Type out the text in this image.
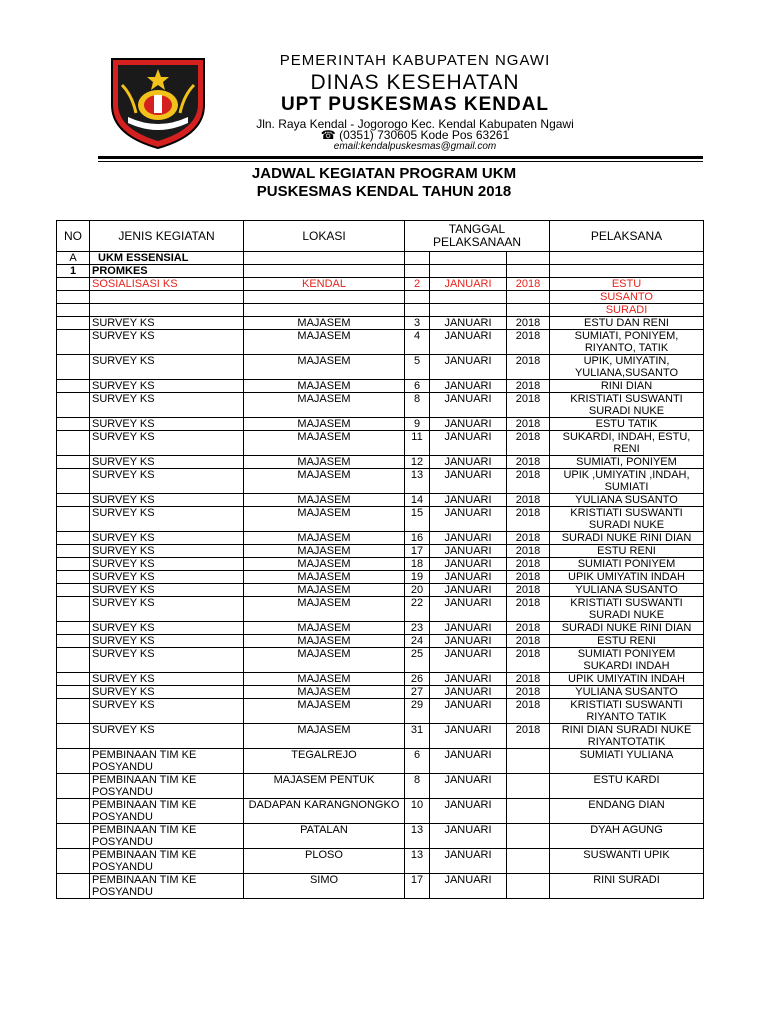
PEMERINTAH KABUPATEN NGAWI
DINAS KESEHATAN
UPT PUSKESMAS KENDAL
Jln. Raya Kendal - Jogorogo Kec. Kendal Kabupaten Ngawi
☎ (0351) 730605 Kode Pos 63261
email:kendalpuskesmas@gmail.com
JADWAL KEGIATAN PROGRAM UKM
PUSKESMAS KENDAL TAHUN 2018
NO	JENIS KEGIATAN	LOKASI	TANGGAL PELAKSANAAN			PELAKSANA
A	UKM ESSENSIAL					
1	PROMKES					
	SOSIALISASI KS	KENDAL	2	JANUARI	2018	ESTU
						SUSANTO
						SURADI
	SURVEY KS	MAJASEM	3	JANUARI	2018	ESTU DAN RENI
	SURVEY KS	MAJASEM	4	JANUARI	2018	SUMIATI, PONIYEM, RIYANTO, TATIK
	SURVEY KS	MAJASEM	5	JANUARI	2018	UPIK, UMIYATIN, YULIANA,SUSANTO
	SURVEY KS	MAJASEM	6	JANUARI	2018	RINI DIAN
	SURVEY KS	MAJASEM	8	JANUARI	2018	KRISTIATI SUSWANTI SURADI NUKE
	SURVEY KS	MAJASEM	9	JANUARI	2018	ESTU TATIK
	SURVEY KS	MAJASEM	11	JANUARI	2018	SUKARDI, INDAH, ESTU, RENI
	SURVEY KS	MAJASEM	12	JANUARI	2018	SUMIATI, PONIYEM
	SURVEY KS	MAJASEM	13	JANUARI	2018	UPIK ,UMIYATIN ,INDAH, SUMIATI
	SURVEY KS	MAJASEM	14	JANUARI	2018	YULIANA SUSANTO
	SURVEY KS	MAJASEM	15	JANUARI	2018	KRISTIATI SUSWANTI SURADI NUKE
	SURVEY KS	MAJASEM	16	JANUARI	2018	SURADI NUKE RINI DIAN
	SURVEY KS	MAJASEM	17	JANUARI	2018	ESTU RENI
	SURVEY KS	MAJASEM	18	JANUARI	2018	SUMIATI PONIYEM
	SURVEY KS	MAJASEM	19	JANUARI	2018	UPIK UMIYATIN INDAH
	SURVEY KS	MAJASEM	20	JANUARI	2018	YULIANA SUSANTO
	SURVEY KS	MAJASEM	22	JANUARI	2018	KRISTIATI SUSWANTI SURADI NUKE
	SURVEY KS	MAJASEM	23	JANUARI	2018	SURADI NUKE RINI DIAN
	SURVEY KS	MAJASEM	24	JANUARI	2018	ESTU RENI
	SURVEY KS	MAJASEM	25	JANUARI	2018	SUMIATI PONIYEM SUKARDI INDAH
	SURVEY KS	MAJASEM	26	JANUARI	2018	UPIK UMIYATIN INDAH
	SURVEY KS	MAJASEM	27	JANUARI	2018	YULIANA SUSANTO
	SURVEY KS	MAJASEM	29	JANUARI	2018	KRISTIATI SUSWANTI RIYANTO TATIK
	SURVEY KS	MAJASEM	31	JANUARI	2018	RINI DIAN SURADI NUKE RIYANTOTATIK
	PEMBINAAN TIM KE POSYANDU	TEGALREJO	6	JANUARI		SUMIATI YULIANA
	PEMBINAAN TIM KE POSYANDU	MAJASEM PENTUK	8	JANUARI		ESTU KARDI
	PEMBINAAN TIM KE POSYANDU	DADAPAN KARANGNONGKO	10	JANUARI		ENDANG DIAN
	PEMBINAAN TIM KE POSYANDU	PATALAN	13	JANUARI		DYAH AGUNG
	PEMBINAAN TIM KE POSYANDU	PLOSO	13	JANUARI		SUSWANTI UPIK
	PEMBINAAN TIM KE POSYANDU	SIMO	17	JANUARI		RINI SURADI
